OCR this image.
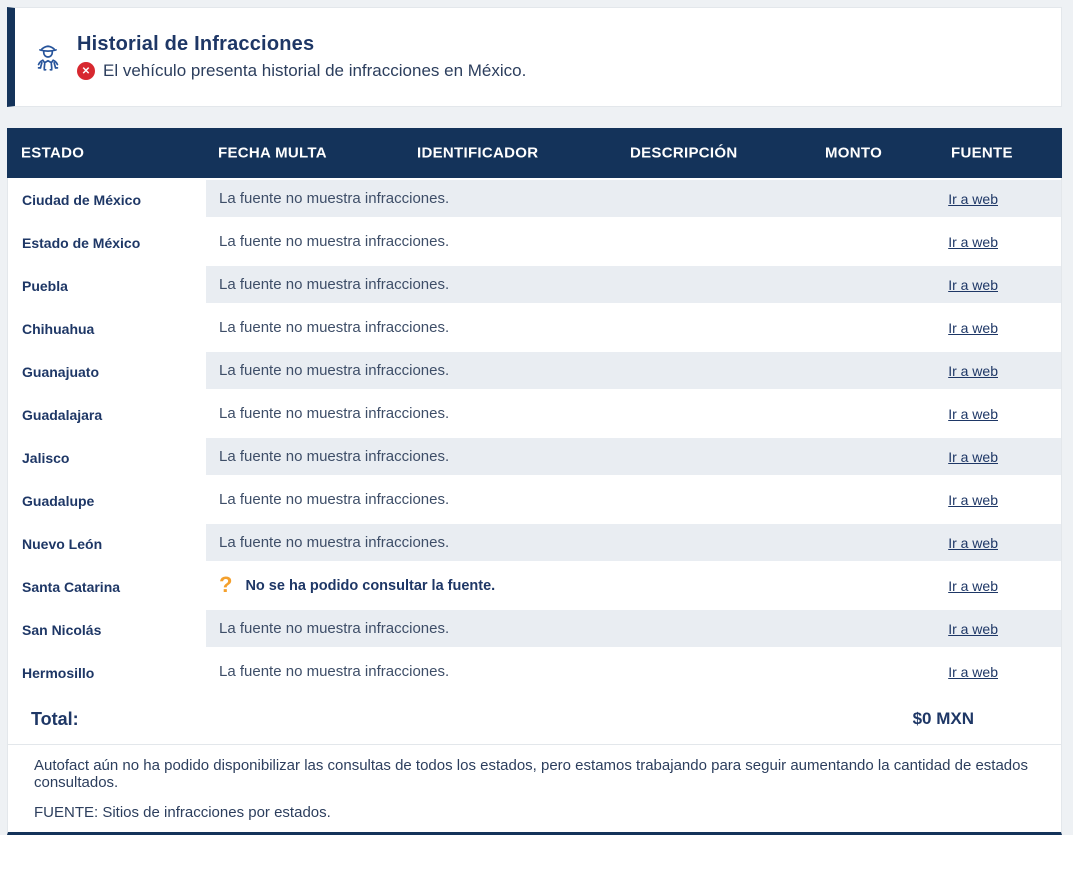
Historial de Infracciones
✕ El vehículo presenta historial de infracciones en México.
ESTADO	FECHA MULTA	IDENTIFICADOR	DESCRIPCIÓN	MONTO	FUENTE
Ciudad de México	La fuente no muestra infracciones.	Ir a web
Estado de México	La fuente no muestra infracciones.	Ir a web
Puebla	La fuente no muestra infracciones.	Ir a web
Chihuahua	La fuente no muestra infracciones.	Ir a web
Guanajuato	La fuente no muestra infracciones.	Ir a web
Guadalajara	La fuente no muestra infracciones.	Ir a web
Jalisco	La fuente no muestra infracciones.	Ir a web
Guadalupe	La fuente no muestra infracciones.	Ir a web
Nuevo León	La fuente no muestra infracciones.	Ir a web
Santa Catarina	? No se ha podido consultar la fuente.	Ir a web
San Nicolás	La fuente no muestra infracciones.	Ir a web
Hermosillo	La fuente no muestra infracciones.	Ir a web
Total:	$0 MXN
Autofact aún no ha podido disponibilizar las consultas de todos los estados, pero estamos trabajando para seguir aumentando la cantidad de estados consultados.
FUENTE: Sitios de infracciones por estados.
